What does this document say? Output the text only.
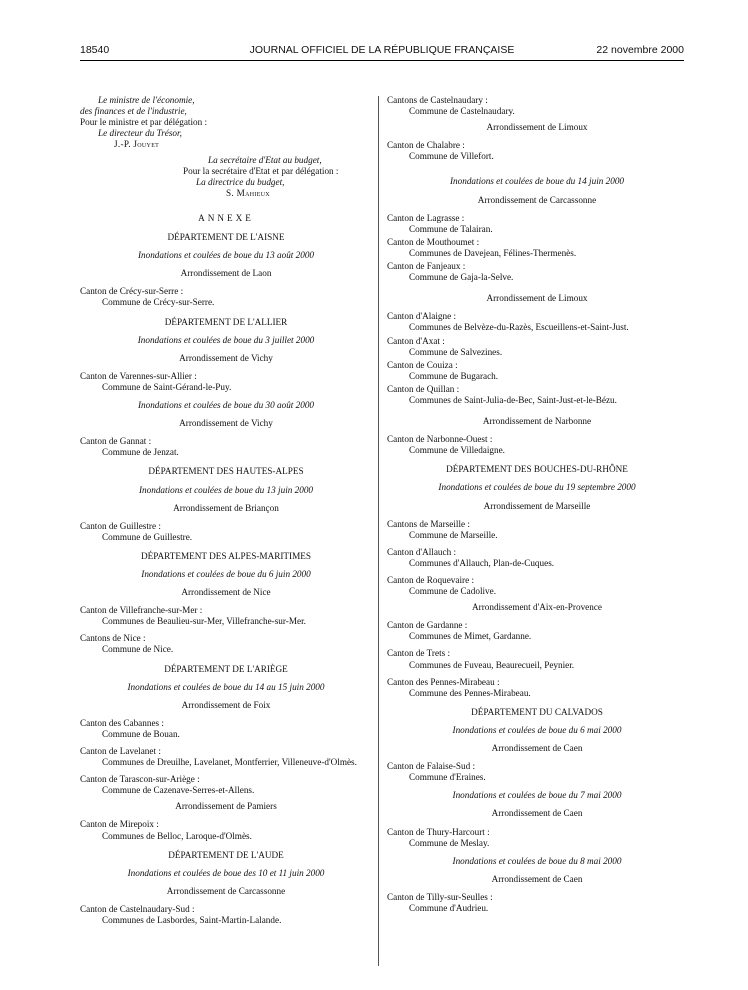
18540	JOURNAL OFFICIEL DE LA RÉPUBLIQUE FRANÇAISE	22 novembre 2000
Le ministre de l'économie,
des finances et de l'industrie,
Pour le ministre et par délégation :
Le directeur du Trésor,
J.-P. Jouyet
La secrétaire d'Etat au budget,
Pour la secrétaire d'Etat et par délégation :
La directrice du budget,
S. Mahieux
ANNEXE
DÉPARTEMENT DE L'AISNE
Inondations et coulées de boue du 13 août 2000
Arrondissement de Laon
Canton de Crécy-sur-Serre :
Commune de Crécy-sur-Serre.
DÉPARTEMENT DE L'ALLIER
Inondations et coulées de boue du 3 juillet 2000
Arrondissement de Vichy
Canton de Varennes-sur-Allier :
Commune de Saint-Gérand-le-Puy.
Inondations et coulées de boue du 30 août 2000
Arrondissement de Vichy
Canton de Gannat :
Commune de Jenzat.
DÉPARTEMENT DES HAUTES-ALPES
Inondations et coulées de boue du 13 juin 2000
Arrondissement de Briançon
Canton de Guillestre :
Commune de Guillestre.
DÉPARTEMENT DES ALPES-MARITIMES
Inondations et coulées de boue du 6 juin 2000
Arrondissement de Nice
Canton de Villefranche-sur-Mer :
Communes de Beaulieu-sur-Mer, Villefranche-sur-Mer.
Cantons de Nice :
Commune de Nice.
DÉPARTEMENT DE L'ARIÈGE
Inondations et coulées de boue du 14 au 15 juin 2000
Arrondissement de Foix
Canton des Cabannes :
Commune de Bouan.
Canton de Lavelanet :
Communes de Dreuilhe, Lavelanet, Montferrier, Villeneuve-d'Olmès.
Canton de Tarascon-sur-Ariège :
Commune de Cazenave-Serres-et-Allens.
Arrondissement de Pamiers
Canton de Mirepoix :
Communes de Belloc, Laroque-d'Olmès.
DÉPARTEMENT DE L'AUDE
Inondations et coulées de boue des 10 et 11 juin 2000
Arrondissement de Carcassonne
Canton de Castelnaudary-Sud :
Communes de Lasbordes, Saint-Martin-Lalande.
Cantons de Castelnaudary :
Commune de Castelnaudary.
Arrondissement de Limoux
Canton de Chalabre :
Commune de Villefort.
Inondations et coulées de boue du 14 juin 2000
Arrondissement de Carcassonne
Canton de Lagrasse :
Commune de Talairan.
Canton de Mouthoumet :
Communes de Davejean, Félines-Thermenès.
Canton de Fanjeaux :
Commune de Gaja-la-Selve.
Arrondissement de Limoux
Canton d'Alaigne :
Communes de Belvèze-du-Razès, Escueillens-et-Saint-Just.
Canton d'Axat :
Commune de Salvezines.
Canton de Couiza :
Commune de Bugarach.
Canton de Quillan :
Communes de Saint-Julia-de-Bec, Saint-Just-et-le-Bézu.
Arrondissement de Narbonne
Canton de Narbonne-Ouest :
Commune de Villedaigne.
DÉPARTEMENT DES BOUCHES-DU-RHÔNE
Inondations et coulées de boue du 19 septembre 2000
Arrondissement de Marseille
Cantons de Marseille :
Commune de Marseille.
Canton d'Allauch :
Communes d'Allauch, Plan-de-Cuques.
Canton de Roquevaire :
Commune de Cadolive.
Arrondissement d'Aix-en-Provence
Canton de Gardanne :
Communes de Mimet, Gardanne.
Canton de Trets :
Communes de Fuveau, Beaurecueil, Peynier.
Canton des Pennes-Mirabeau :
Commune des Pennes-Mirabeau.
DÉPARTEMENT DU CALVADOS
Inondations et coulées de boue du 6 mai 2000
Arrondissement de Caen
Canton de Falaise-Sud :
Commune d'Eraines.
Inondations et coulées de boue du 7 mai 2000
Arrondissement de Caen
Canton de Thury-Harcourt :
Commune de Meslay.
Inondations et coulées de boue du 8 mai 2000
Arrondissement de Caen
Canton de Tilly-sur-Seulles :
Commune d'Audrieu.
